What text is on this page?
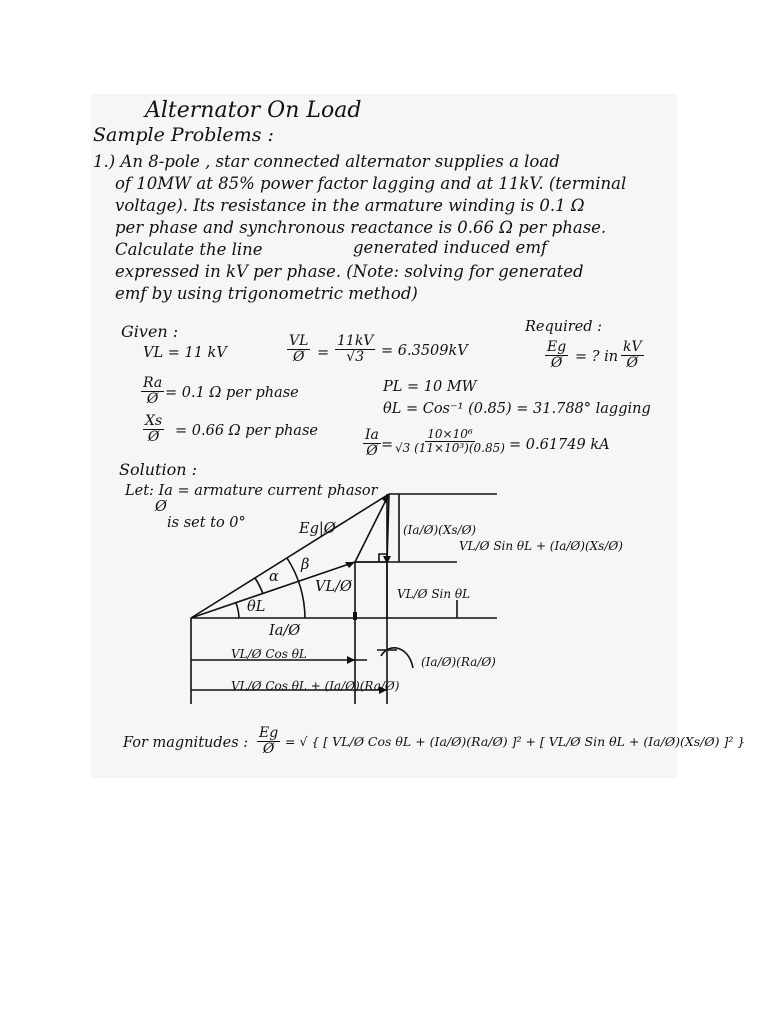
Alternator On Load
Sample Problems :
1.) An 8-pole , star connected alternator supplies a load
of 10MW at 85% power factor lagging and at 11kV. (terminal
voltage). Its resistance in the armature winding is 0.1 Ω
per phase and synchronous reactance is 0.66 Ω per phase.
Calculate the line	generated induced emf
expressed in kV per phase. (Note: solving for generated
emf by using trigonometric method)
Given :
VL = 11 kV	$\frac{VL}{Ø} = \frac{11kV}{√3} = 6.3509kV$
$\frac{Ra}{Ø} = 0.1$ Ω per phase
$\frac{Xs}{Ø} = 0.66$ Ω per phase
PL = 10 MW
θL = Cos⁻¹ (0.85) = 31.788° lagging
$\frac{Ia}{Ø} = \frac{\text{10×10⁶}}{\text{√3 (11×10³)(0.85)}} = 0.61749$ kA
Required :
$\frac{Eg}{Ø}$ = ? in $\frac{kV}{Ø}$
Solution :
Let: Ia = armature current phasor
Ø
is set to 0°	Eg|Ø
β
α
VL/Ø
θL
Ia/Ø
(Ia/Ø)(Xs/Ø)
VL/Ø Sin θL + (Ia/Ø)(Xs/Ø)
VL/Ø Sin θL
(Ia/Ø)(Ra/Ø)
VL/Ø Cos θL
VL/Ø Cos θL + (Ia/Ø)(Ra/Ø)
For magnitudes : $\frac{Eg}{Ø}$ = √ { [ VL/Ø Cos θL + (Ia/Ø)(Ra/Ø) ]² + [ VL/Ø Sin θL + (Ia/Ø)(Xs/Ø) ]² }
